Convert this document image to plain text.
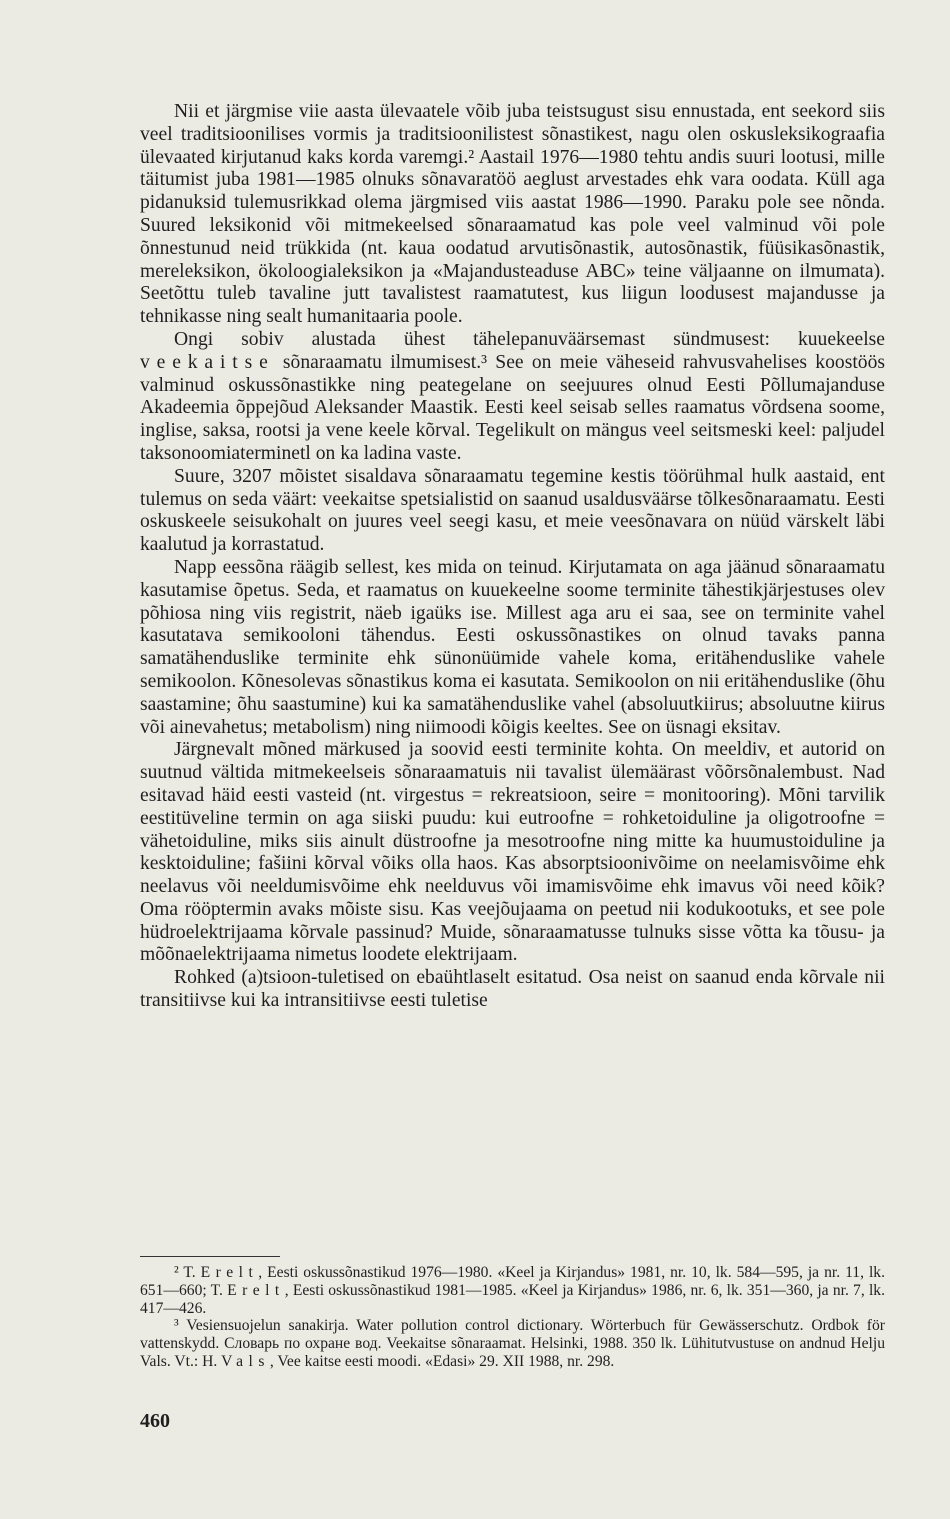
Nii et järgmise viie aasta ülevaatele võib juba teistsugust sisu ennustada, ent seekord siis veel traditsioonilises vormis ja traditsioonilistest sõnastikest, nagu olen oskusleksikograafia ülevaated kirjutanud kaks korda varemgi.² Aastail 1976—1980 tehtu andis suuri lootusi, mille täitumist juba 1981—1985 olnuks sõnavaratöö aeglust arvestades ehk vara oodata. Küll aga pidanuksid tulemusrikkad olema järgmised viis aastat 1986—1990. Paraku pole see nõnda. Suured leksikonid või mitmekeelsed sõnaraamatud kas pole veel valminud või pole õnnestunud neid trükkida (nt. kaua oodatud arvutisõnastik, autosõnastik, füüsikasõnastik, mereleksikon, ökoloogialeksikon ja «Majandusteaduse ABC» teine väljaanne on ilmumata). Seetõttu tuleb tavaline jutt tavalistest raamatutest, kus liigun loodusest majandusse ja tehnikasse ning sealt humanitaaria poole.

Ongi sobiv alustada ühest tähelepanuväärsemast sündmusest: kuuekeelse veekaitse sõnaraamatu ilmumisest.³ See on meie väheseid rahvusvahelises koostöös valminud oskussõnastikke ning peategelane on seejuures olnud Eesti Põllumajanduse Akadeemia õppejõud Aleksander Maastik. Eesti keel seisab selles raamatus võrdsena soome, inglise, saksa, rootsi ja vene keele kõrval. Tegelikult on mängus veel seitsmeski keel: paljudel taksonoomiaterminetl on ka ladina vaste.

Suure, 3207 mõistet sisaldava sõnaraamatu tegemine kestis töörühmal hulk aastaid, ent tulemus on seda väärt: veekaitse spetsialistid on saanud usaldusväärse tõlkesõnaraamatu. Eesti oskuskeele seisukohalt on juures veel seegi kasu, et meie veesõnavara on nüüd värskelt läbi kaalutud ja korrastatud.

Napp eessõna räägib sellest, kes mida on teinud. Kirjutamata on aga jäänud sõnaraamatu kasutamise õpetus. Seda, et raamatus on kuuekeelne soome terminite tähestikjärjestuses olev põhiosa ning viis registrit, näeb igaüks ise. Millest aga aru ei saa, see on terminite vahel kasutatava semikooloni tähendus. Eesti oskussõnastikes on olnud tavaks panna samatähenduslike terminite ehk sünonüümide vahele koma, eritähenduslike vahele semikoolon. Kõnesolevas sõnastikus koma ei kasutata. Semikoolon on nii eritähenduslike (õhu saastamine; õhu saastumine) kui ka samatähenduslike vahel (absoluutkiirus; absoluutne kiirus või ainevahetus; metabolism) ning niimoodi kõigis keeltes. See on üsnagi eksitav.

Järgnevalt mõned märkused ja soovid eesti terminite kohta. On meeldiv, et autorid on suutnud vältida mitmekeelseis sõnaraamatuis nii tavalist ülemäärast võõrsõnalembust. Nad esitavad häid eesti vasteid (nt. virgestus = rekreatsioon, seire = monitooring). Mõni tarvilik eestitüveline termin on aga siiski puudu: kui eutroofne = rohketoiduline ja oligotroofne = vähetoiduline, miks siis ainult düstroofne ja mesotroofne ning mitte ka huumustoiduline ja kesktoiduline; fašiini kõrval võiks olla haos. Kas absorptsioonivõime on neelamisvõime ehk neelavus või neeldumisvõime ehk neelduvus või imamisvõime ehk imavus või need kõik? Oma rööptermin avaks mõiste sisu. Kas veejõujaama on peetud nii kodukootuks, et see pole hüdroelektrijaama kõrvale passinud? Muide, sõnaraamatusse tulnuks sisse võtta ka tõusu- ja mõõnaelektrijaama nimetus loodete elektrijaam.

Rohked (a)tsioon-tuletised on ebaühtlaselt esitatud. Osa neist on saanud enda kõrvale nii transitiivse kui ka intransitiivse eesti tuletise

² T. Erelt, Eesti oskussõnastikud 1976—1980. «Keel ja Kirjandus» 1981, nr. 10, lk. 584—595, ja nr. 11, lk. 651—660; T. Erelt, Eesti oskussõnastikud 1981—1985. «Keel ja Kirjandus» 1986, nr. 6, lk. 351—360, ja nr. 7, lk. 417—426.

³ Vesiensuojelun sanakirja. Water pollution control dictionary. Wörterbuch für Gewässerschutz. Ordbok för vattenskydd. Словарь по охране вод. Veekaitse sõnaraamat. Helsinki, 1988. 350 lk. Lühitutvustuse on andnud Helju Vals. Vt.: H. Vals, Vee kaitse eesti moodi. «Edasi» 29. XII 1988, nr. 298.

460
